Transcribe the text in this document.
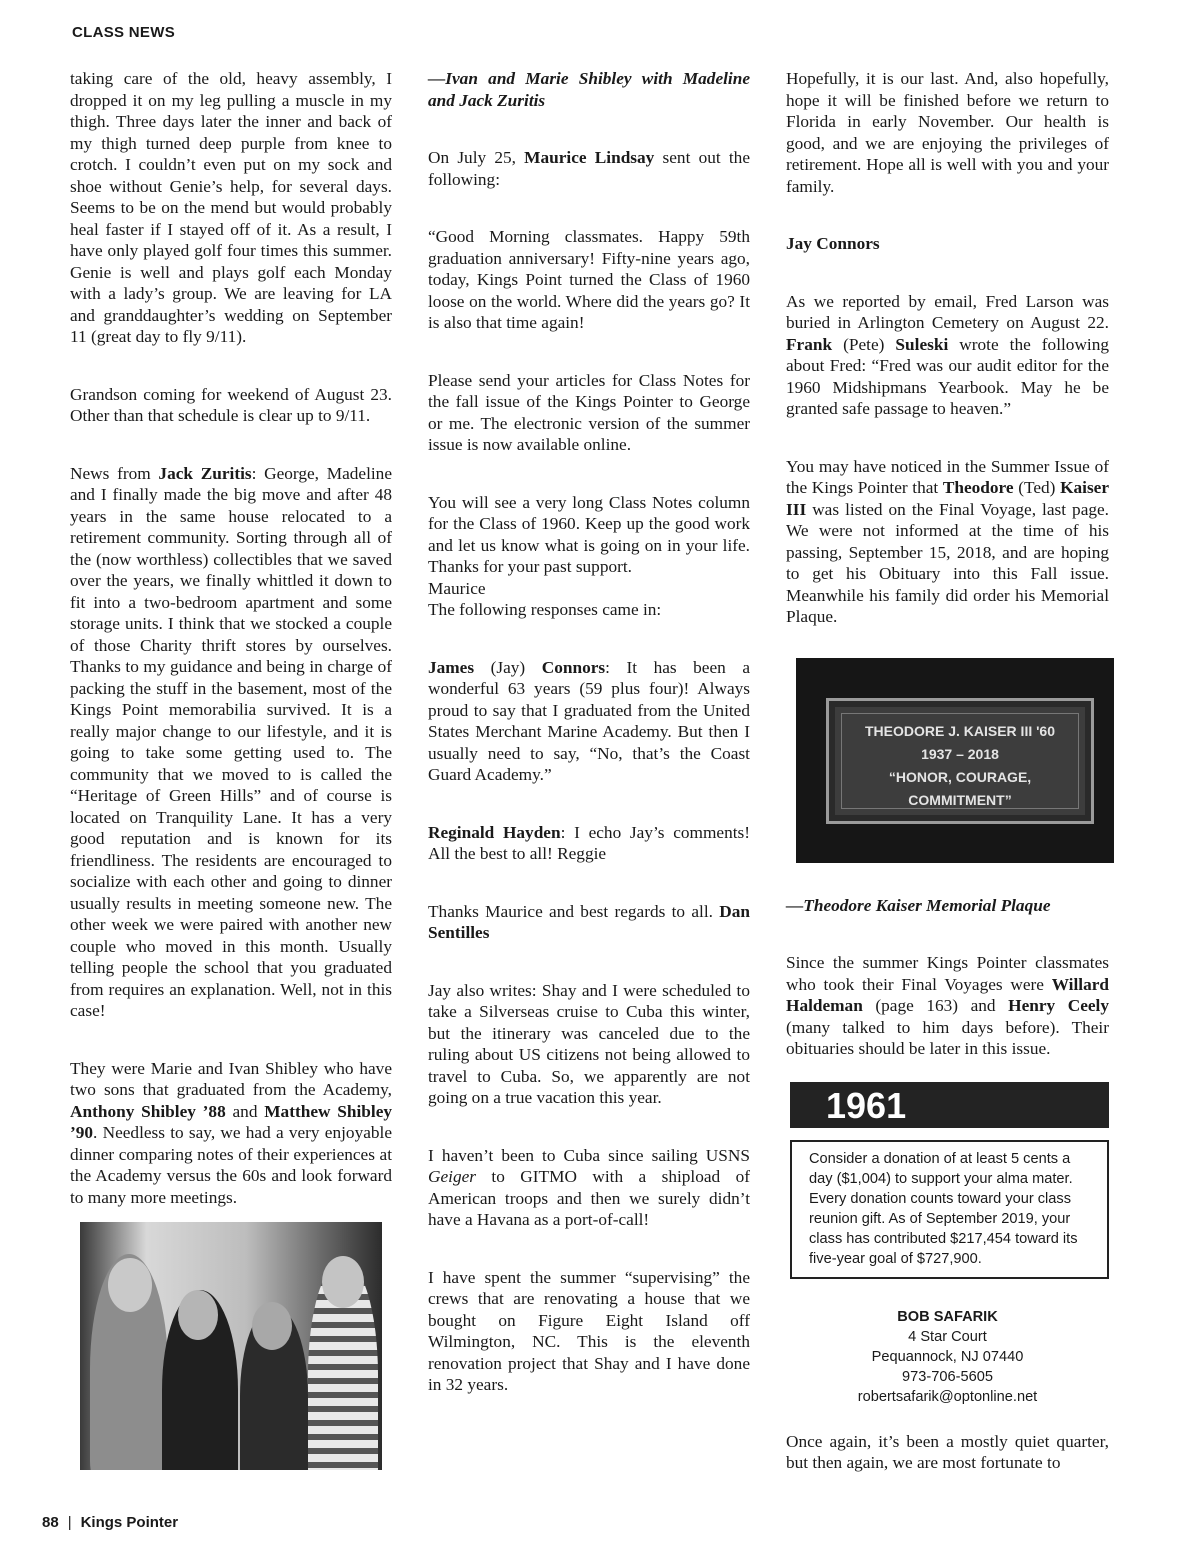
CLASS NEWS

taking care of the old, heavy assembly, I dropped it on my leg pulling a muscle in my thigh. Three days later the inner and back of my thigh turned deep purple from knee to crotch. I couldn’t even put on my sock and shoe without Genie’s help, for several days. Seems to be on the mend but would probably heal faster if I stayed off of it. As a result, I have only played golf four times this summer. Genie is well and plays golf each Monday with a lady’s group. We are leaving for LA and granddaughter’s wedding on September 11 (great day to fly 9/11).

Grandson coming for weekend of August 23. Other than that schedule is clear up to 9/11.

News from Jack Zuritis: George, Madeline and I finally made the big move and after 48 years in the same house relocated to a retirement community. Sorting through all of the (now worthless) collectibles that we saved over the years, we finally whittled it down to fit into a two-bedroom apartment and some storage units. I think that we stocked a couple of those Charity thrift stores by ourselves. Thanks to my guidance and being in charge of packing the stuff in the basement, most of the Kings Point memorabilia survived. It is a really major change to our lifestyle, and it is going to take some getting used to. The community that we moved to is called the “Heritage of Green Hills” and of course is located on Tranquility Lane. It has a very good reputation and is known for its friendliness. The residents are encouraged to socialize with each other and going to dinner usually results in meeting someone new. The other week we were paired with another new couple who moved in this month. Usually telling people the school that you graduated from requires an explanation. Well, not in this case!

They were Marie and Ivan Shibley who have two sons that graduated from the Academy, Anthony Shibley ’88 and Matthew Shibley ’90. Needless to say, we had a very enjoyable dinner comparing notes of their experiences at the Academy versus the 60s and look forward to many more meetings.

—Ivan and Marie Shibley with Madeline and Jack Zuritis

On July 25, Maurice Lindsay sent out the following:

“Good Morning classmates. Happy 59th graduation anniversary! Fifty-nine years ago, today, Kings Point turned the Class of 1960 loose on the world. Where did the years go? It is also that time again!

Please send your articles for Class Notes for the fall issue of the Kings Pointer to George or me. The electronic version of the summer issue is now available online.

You will see a very long Class Notes column for the Class of 1960. Keep up the good work and let us know what is going on in your life. Thanks for your past support.
Maurice
The following responses came in:

James (Jay) Connors: It has been a wonderful 63 years (59 plus four)! Always proud to say that I graduated from the United States Merchant Marine Academy. But then I usually need to say, “No, that’s the Coast Guard Academy.”

Reginald Hayden: I echo Jay’s comments! All the best to all! Reggie

Thanks Maurice and best regards to all. Dan Sentilles

Jay also writes: Shay and I were scheduled to take a Silverseas cruise to Cuba this winter, but the itinerary was canceled due to the ruling about US citizens not being allowed to travel to Cuba. So, we apparently are not going on a true vacation this year.

I haven’t been to Cuba since sailing USNS Geiger to GITMO with a shipload of American troops and then we surely didn’t have a Havana as a port-of-call!

I have spent the summer “supervising” the crews that are renovating a house that we bought on Figure Eight Island off Wilmington, NC. This is the eleventh renovation project that Shay and I have done in 32 years.

Hopefully, it is our last. And, also hopefully, hope it will be finished before we return to Florida in early November. Our health is good, and we are enjoying the privileges of retirement. Hope all is well with you and your family.

Jay Connors

As we reported by email, Fred Larson was buried in Arlington Cemetery on August 22. Frank (Pete) Suleski wrote the following about Fred: “Fred was our audit editor for the 1960 Midshipmans Yearbook. May he be granted safe passage to heaven.”

You may have noticed in the Summer Issue of the Kings Pointer that Theodore (Ted) Kaiser III was listed on the Final Voyage, last page. We were not informed at the time of his passing, September 15, 2018, and are hoping to get his Obituary into this Fall issue. Meanwhile his family did order his Memorial Plaque.

THEODORE J. KAISER III '60
1937 – 2018
“HONOR, COURAGE, COMMITMENT”

—Theodore Kaiser Memorial Plaque

Since the summer Kings Pointer classmates who took their Final Voyages were Willard Haldeman (page 163) and Henry Ceely (many talked to him days before). Their obituaries should be later in this issue.

1961
Consider a donation of at least 5 cents a day ($1,004) to support your alma mater. Every donation counts toward your class reunion gift. As of September 2019, your class has contributed $217,454 toward its five-year goal of $727,900.
BOB SAFARIK
4 Star Court
Pequannock, NJ 07440
973-706-5605
robertsafarik@optonline.net

Once again, it’s been a mostly quiet quarter, but then again, we are most fortunate to

88 | Kings Pointer
